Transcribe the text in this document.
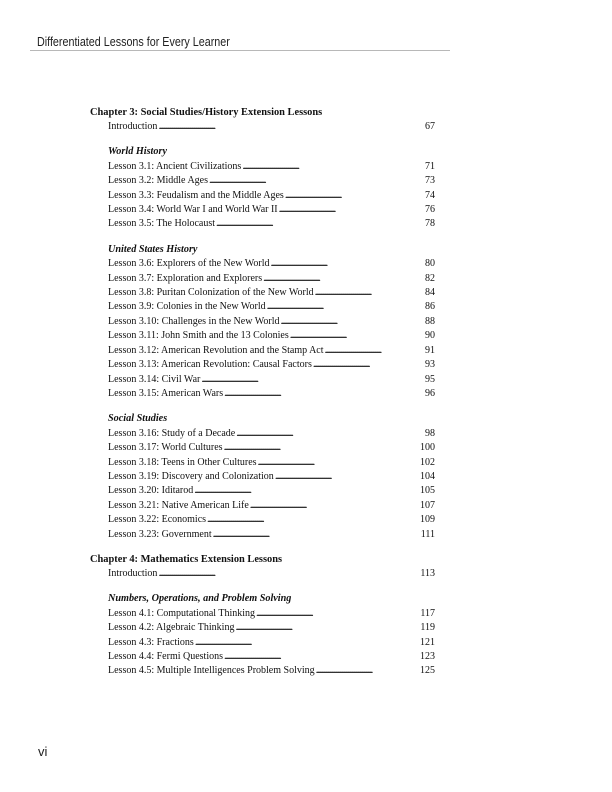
Differentiated Lessons for Every Learner
Chapter 3: Social Studies/History Extension Lessons
Introduction . . .	67
World History
Lesson 3.1: Ancient Civilizations . . .	71
Lesson 3.2: Middle Ages . . .	73
Lesson 3.3: Feudalism and the Middle Ages . . .	74
Lesson 3.4: World War I and World War II . . .	76
Lesson 3.5: The Holocaust . . .	78
United States History
Lesson 3.6: Explorers of the New World . . .	80
Lesson 3.7: Exploration and Explorers . . .	82
Lesson 3.8: Puritan Colonization of the New World . . .	84
Lesson 3.9: Colonies in the New World . . .	86
Lesson 3.10: Challenges in the New World . . .	88
Lesson 3.11: John Smith and the 13 Colonies . . .	90
Lesson 3.12: American Revolution and the Stamp Act . . .	91
Lesson 3.13: American Revolution: Causal Factors . . .	93
Lesson 3.14: Civil War . . .	95
Lesson 3.15: American Wars . . .	96
Social Studies
Lesson 3.16: Study of a Decade . . .	98
Lesson 3.17: World Cultures . . .	100
Lesson 3.18: Teens in Other Cultures . . .	102
Lesson 3.19: Discovery and Colonization . . .	104
Lesson 3.20: Iditarod . . .	105
Lesson 3.21: Native American Life . . .	107
Lesson 3.22: Economics . . .	109
Lesson 3.23: Government . . .	111
Chapter 4: Mathematics Extension Lessons
Introduction . . .	113
Numbers, Operations, and Problem Solving
Lesson 4.1: Computational Thinking . . .	117
Lesson 4.2: Algebraic Thinking . . .	119
Lesson 4.3: Fractions . . .	121
Lesson 4.4: Fermi Questions . . .	123
Lesson 4.5: Multiple Intelligences Problem Solving . . .	125
vi
